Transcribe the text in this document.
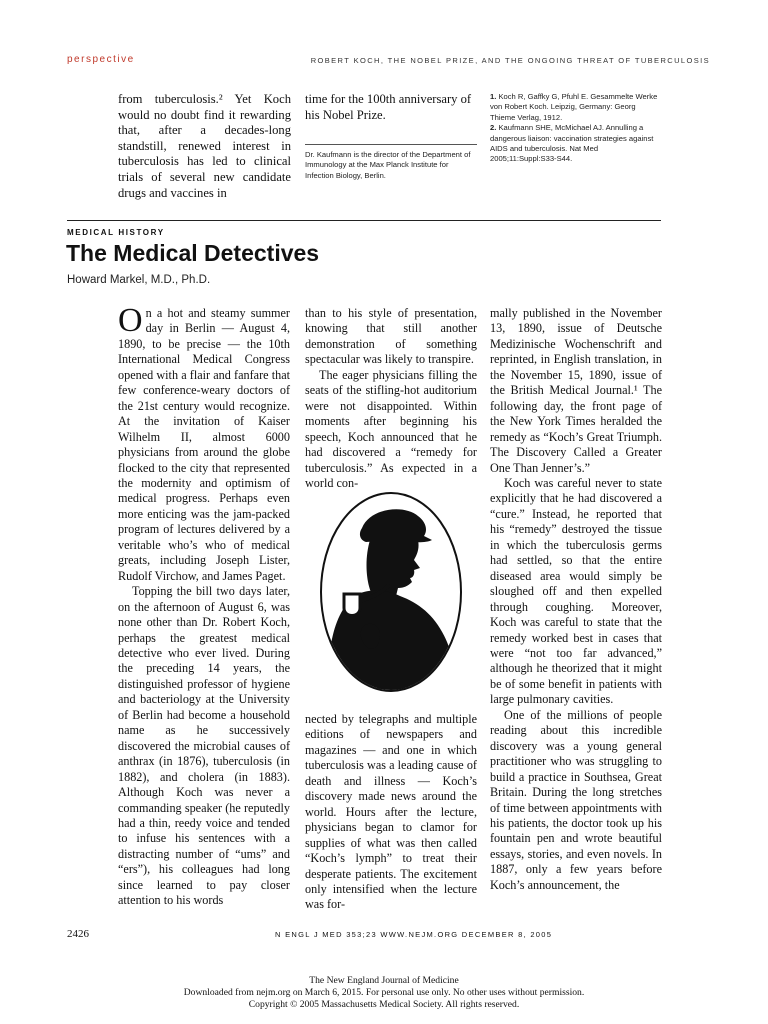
perspective	ROBERT KOCH, THE NOBEL PRIZE, AND THE ONGOING THREAT OF TUBERCULOSIS
from tuberculosis.² Yet Koch would no doubt find it rewarding that, after a decades-long standstill, renewed interest in tuberculosis has led to clinical trials of several new candidate drugs and vaccines in
time for the 100th anniversary of his Nobel Prize.
Dr. Kaufmann is the director of the Department of Immunology at the Max Planck Institute for Infection Biology, Berlin.

1. Koch R, Gaffky G, Pfuhl E. Gesammelte Werke von Robert Koch. Leipzig, Germany: Georg Thieme Verlag, 1912.

2. Kaufmann SHE, McMichael AJ. Annulling a dangerous liaison: vaccination strategies against AIDS and tuberculosis. Nat Med 2005;11:Suppl:S33-S44.

MEDICAL HISTORY
The Medical Detectives
Howard Markel, M.D., Ph.D.

On a hot and steamy summer day in Berlin — August 4, 1890, to be precise — the 10th International Medical Congress opened with a flair and fanfare that few conference-weary doctors of the 21st century would recognize. At the invitation of Kaiser Wilhelm II, almost 6000 physicians from around the globe flocked to the city that represented the modernity and optimism of medical progress. Perhaps even more enticing was the jam-packed program of lectures delivered by a veritable who’s who of medical greats, including Joseph Lister, Rudolf Virchow, and James Paget.

Topping the bill two days later, on the afternoon of August 6, was none other than Dr. Robert Koch, perhaps the greatest medical detective who ever lived. During the preceding 14 years, the distinguished professor of hygiene and bacteriology at the University of Berlin had become a household name as he successively discovered the microbial causes of anthrax (in 1876), tuberculosis (in 1882), and cholera (in 1883). Although Koch was never a commanding speaker (he reputedly had a thin, reedy voice and tended to infuse his sentences with a distracting number of “ums” and “ers”), his colleagues had long since learned to pay closer attention to his words

than to his style of presentation, knowing that still another demonstration of something spectacular was likely to transpire.

The eager physicians filling the seats of the stifling-hot auditorium were not disappointed. Within moments after beginning his speech, Koch announced that he had discovered a “remedy for tuberculosis.” As expected in a world con-

nected by telegraphs and multiple editions of newspapers and magazines — and one in which tuberculosis was a leading cause of death and illness — Koch’s discovery made news around the world. Hours after the lecture, physicians began to clamor for supplies of what was then called “Koch’s lymph” to treat their desperate patients. The excitement only intensified when the lecture was for-

mally published in the November 13, 1890, issue of Deutsche Medizinische Wochenschrift and reprinted, in English translation, in the November 15, 1890, issue of the British Medical Journal.¹ The following day, the front page of the New York Times heralded the remedy as “Koch’s Great Triumph. The Discovery Called a Greater One Than Jenner’s.”

Koch was careful never to state explicitly that he had discovered a “cure.” Instead, he reported that his “remedy” destroyed the tissue in which the tuberculosis germs had settled, so that the entire diseased area would simply be sloughed off and then expelled through coughing. Moreover, Koch was careful to state that the remedy worked best in cases that were “not too far advanced,” although he theorized that it might be of some benefit in patients with large pulmonary cavities.

One of the millions of people reading about this incredible discovery was a young general practitioner who was struggling to build a practice in Southsea, Great Britain. During the long stretches of time between appointments with his patients, the doctor took up his fountain pen and wrote beautiful essays, stories, and even novels. In 1887, only a few years before Koch’s announcement, the

2426	N ENGL J MED 353;23 WWW.NEJM.ORG DECEMBER 8, 2005
The New England Journal of Medicine
Downloaded from nejm.org on March 6, 2015. For personal use only. No other uses without permission.
Copyright © 2005 Massachusetts Medical Society. All rights reserved.
